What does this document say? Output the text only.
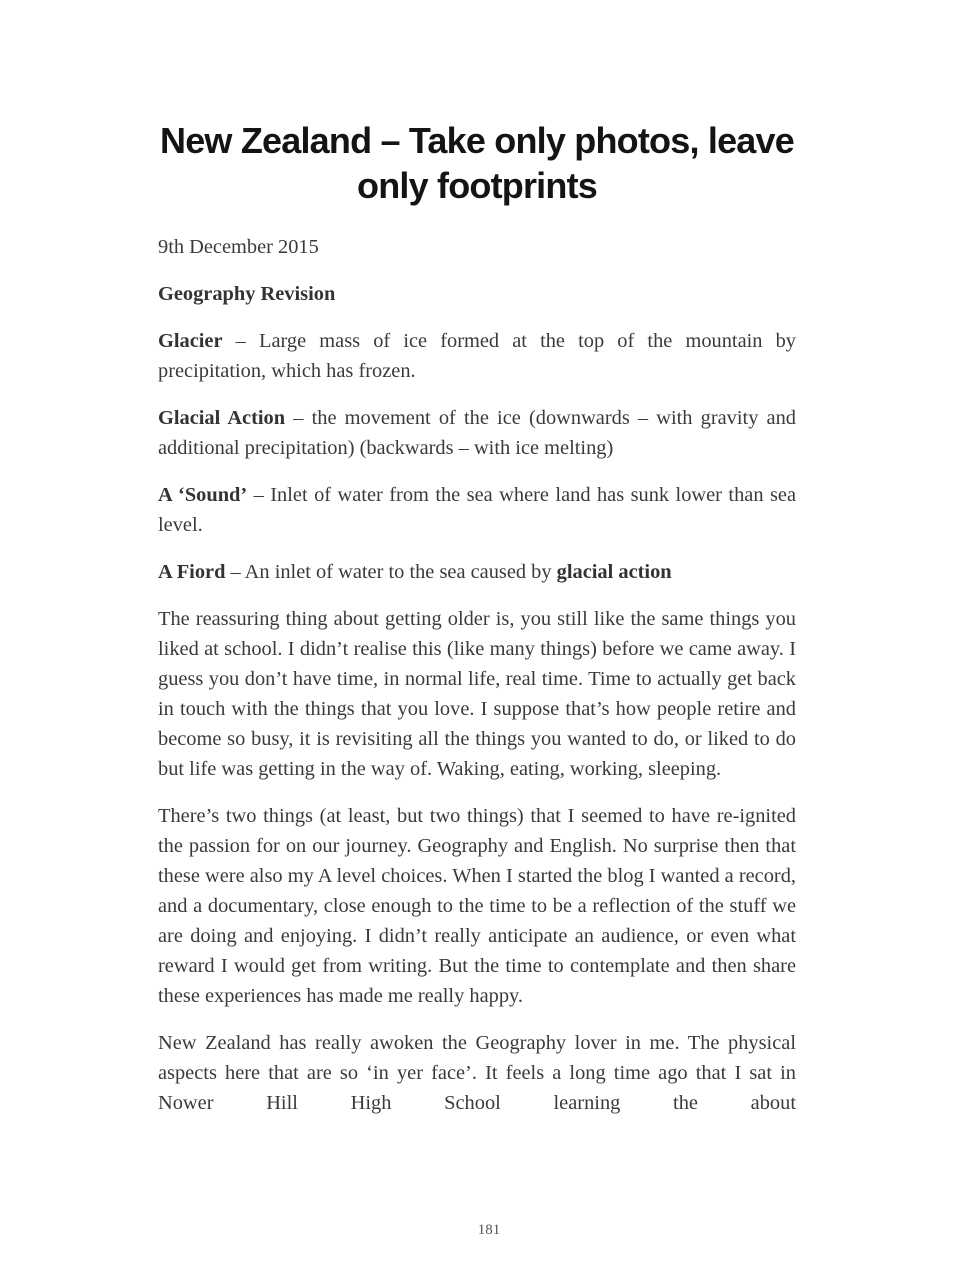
New Zealand – Take only photos, leave only footprints

9th December 2015

Geography Revision

Glacier – Large mass of ice formed at the top of the mountain by precipitation, which has frozen.

Glacial Action – the movement of the ice (downwards – with gravity and additional precipitation) (backwards – with ice melting)

A ‘Sound’ – Inlet of water from the sea where land has sunk lower than sea level.

A Fiord – An inlet of water to the sea caused by glacial action

The reassuring thing about getting older is, you still like the same things you liked at school. I didn’t realise this (like many things) before we came away. I guess you don’t have time, in normal life, real time. Time to actually get back in touch with the things that you love. I suppose that’s how people retire and become so busy, it is revisiting all the things you wanted to do, or liked to do but life was getting in the way of. Waking, eating, working, sleeping.

There’s two things (at least, but two things) that I seemed to have re-ignited the passion for on our journey. Geography and English. No surprise then that these were also my A level choices. When I started the blog I wanted a record, and a documentary, close enough to the time to be a reflection of the stuff we are doing and enjoying. I didn’t really anticipate an audience, or even what reward I would get from writing. But the time to contemplate and then share these experiences has made me really happy.

New Zealand has really awoken the Geography lover in me. The physical aspects here that are so ‘in yer face’. It feels a long time ago that I sat in Nower Hill High School learning the about

181
